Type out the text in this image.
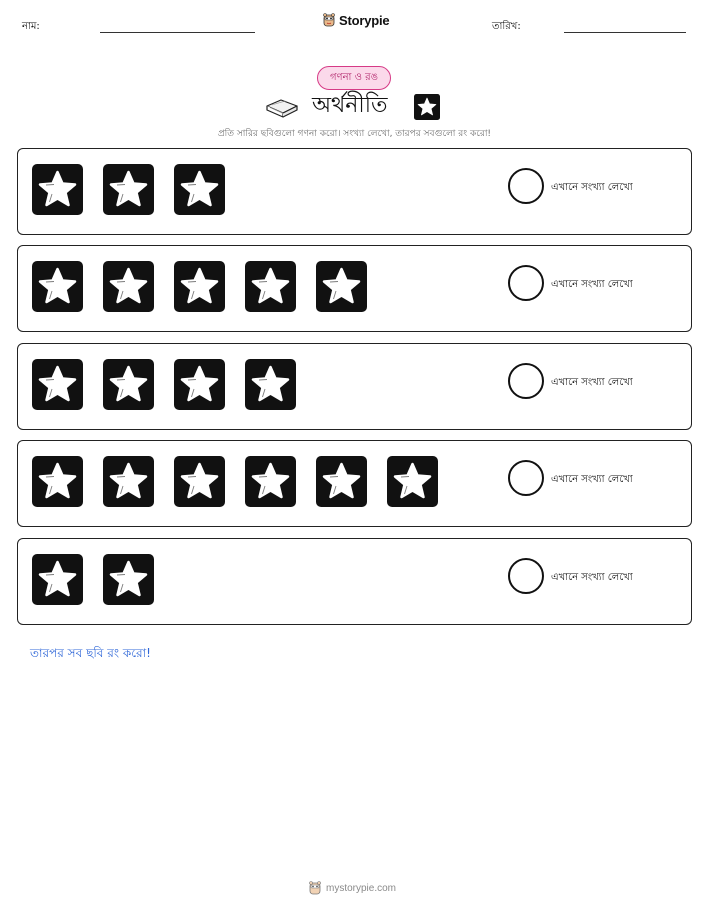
নাম:	Storypie	তারিখ:
গণনা ও রঙ
অর্থনীতি
প্রতি সারির ছবিগুলো গণনা করো। সংখ্যা লেখো, তারপর সবগুলো রং করো!
এখানে সংখ্যা লেখো
এখানে সংখ্যা লেখো
এখানে সংখ্যা লেখো
এখানে সংখ্যা লেখো
এখানে সংখ্যা লেখো
তারপর সব ছবি রং করো!
mystorypie.com
